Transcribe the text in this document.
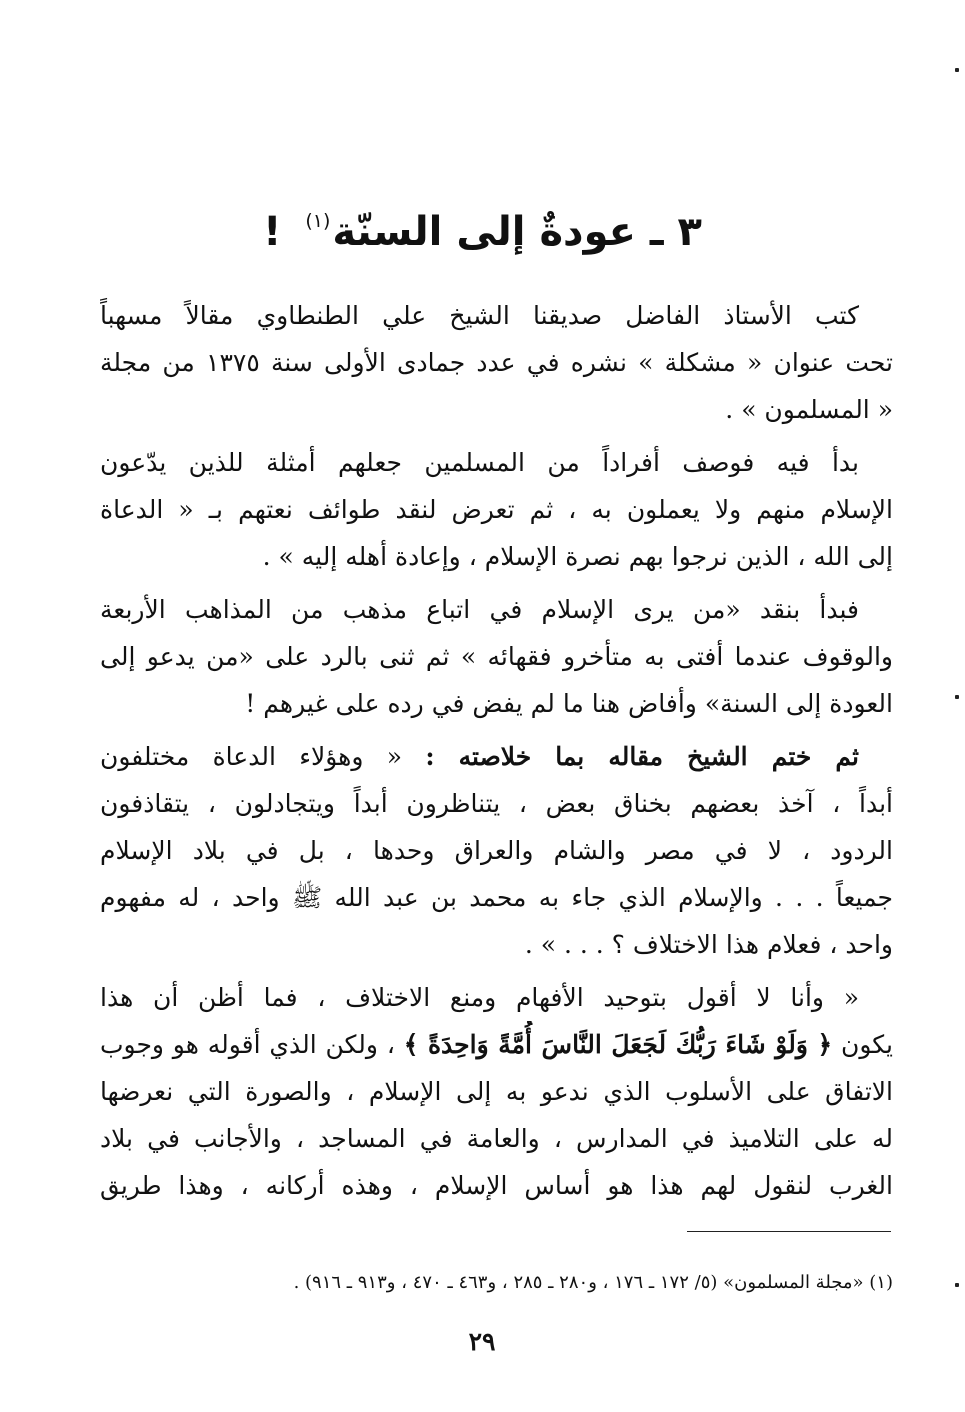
٣ ـ عودةٌ إلى السنّة$^{(١)}$!
كتب الأستاذ الفاضل صديقنا الشيخ علي الطنطاوي مقالاً مسهباً
تحت عنوان « مشكلة » نشره في عدد جمادى الأولى سنة ١٣٧٥ من مجلة
« المسلمون » .
بدأ فيه فوصف أفراداً من المسلمين جعلهم أمثلة للذين يدّعون
الإسلام منهم ولا يعملون به ، ثم تعرض لنقد طوائف نعتهم بـ « الدعاة
إلى الله ، الذين نرجوا بهم نصرة الإسلام ، وإعادة أهله إليه » .
فبدأ بنقد «من يرى الإسلام في اتباع مذهب من المذاهب الأربعة
والوقوف عندما أفتى به متأخرو فقهائه » ثم ثنى بالرد على «من يدعو إلى
العودة إلى السنة» وأفاض هنا ما لم يفض في رده على غيرهم !
ثم ختم الشيخ مقاله بما خلاصته : « وهؤلاء الدعاة مختلفون
أبداً ، آخذ بعضهم بخناق بعض ، يتناظرون أبداً ويتجادلون ، يتقاذفون
الردود ، لا في مصر والشام والعراق وحدها ، بل في بلاد الإسلام
جميعاً . . . والإسلام الذي جاء به محمد بن عبد الله ﷺ واحد ، له مفهوم
واحد ، فعلام هذا الاختلاف ؟ . . . » .
« وأنا لا أقول بتوحيد الأفهام ومنع الاختلاف ، فما أظن أن هذا
يكون ﴿ وَلَوْ شَاءَ رَبُّكَ لَجَعَلَ النَّاسَ أُمَّةً وَاحِدَةً ﴾ ، ولكن الذي أقوله هو وجوب
الاتفاق على الأسلوب الذي ندعو به إلى الإسلام ، والصورة التي نعرضها
له على التلاميذ في المدارس ، والعامة في المساجد ، والأجانب في بلاد
الغرب لنقول لهم هذا هو أساس الإسلام ، وهذه أركانه ، وهذا طريق
(١) «مجلة المسلمون» (٥/ ١٧٢ ـ ١٧٦ ، و٢٨٠ ـ ٢٨٥ ، و٤٦٣ ـ ٤٧٠ ، و٩١٣ ـ ٩١٦) .
٢٩
